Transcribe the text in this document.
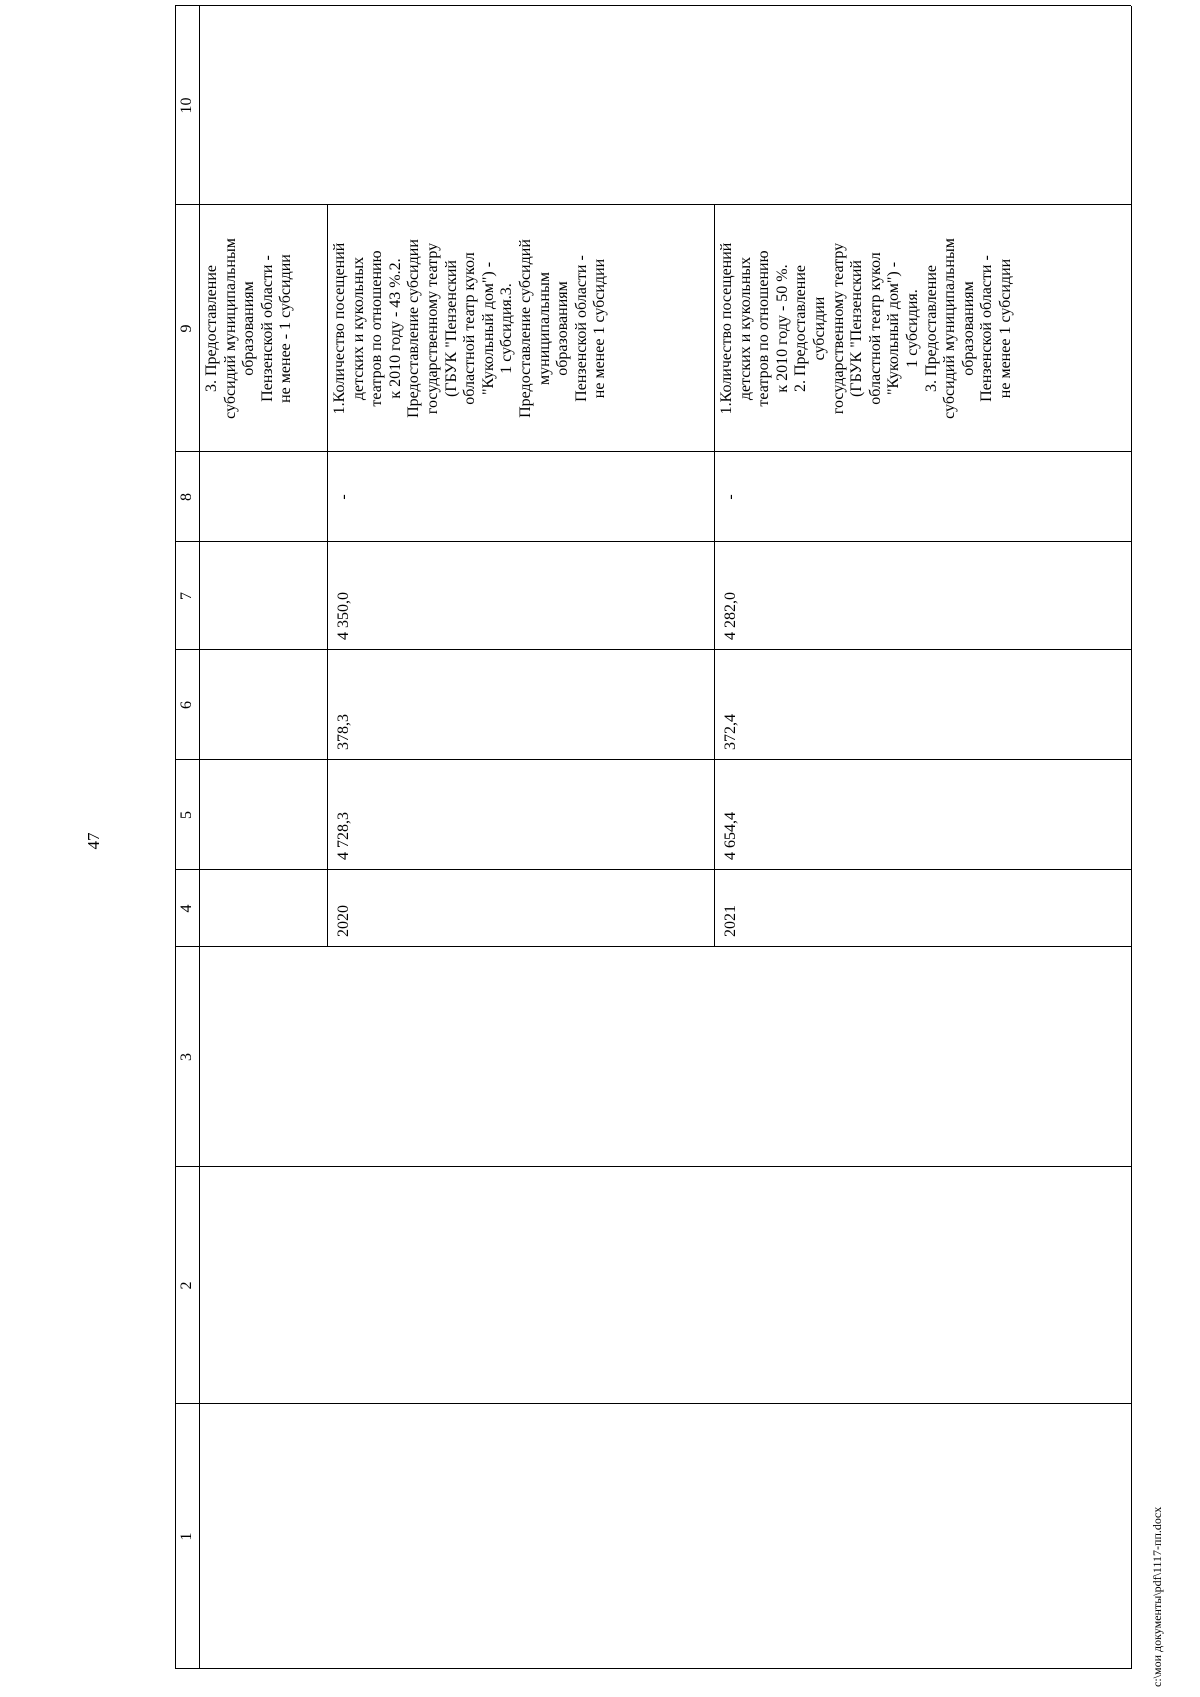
47
1
2
3
4
5
6
7
8
9
10
3. Предоставление субсидий муниципальным образованиям Пензенской области - не менее - 1 субсидии
2020
4 728,3
378,3
4 350,0
-
1.Количество посещений детских и кукольных театров по отношению к 2010 году - 43 %.2. Предоставление субсидии государственному театру (ГБУК "Пензенский областной театр кукол "Кукольный дом") - 1 субсидия.3. Предоставление субсидий муниципальным образованиям Пензенской области - не менее 1 субсидии
2021
4 654,4
372,4
4 282,0
-
1.Количество посещений детских и кукольных театров по отношению к 2010 году - 50 %. 2. Предоставление субсидии государственному театру (ГБУК "Пензенский областной театр кукол "Кукольный дом") - 1 субсидия. 3. Предоставление субсидий муниципальным образованиям Пензенской области - не менее 1 субсидии
c:\мои документы\pdf\1117-пп.docx
